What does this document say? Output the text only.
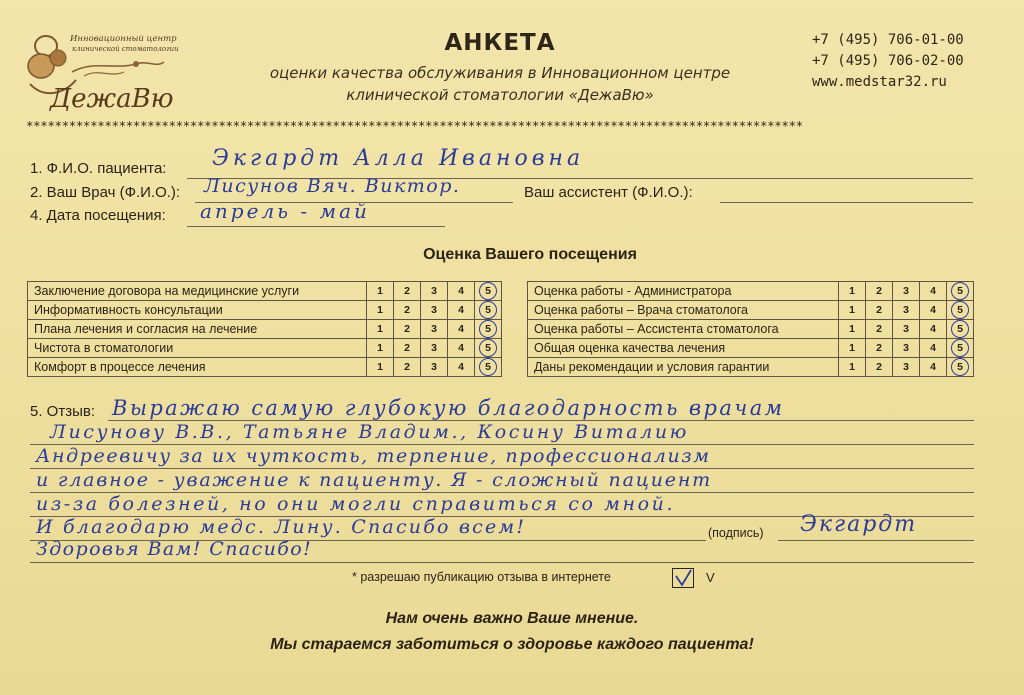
Инновационный центр
клинической стоматологии
ДежаВю
АНКЕТА
оценки качества обслуживания в Инновационном центре
клинической стоматологии «ДежаВю»
+7 (495) 706-01-00
+7 (495) 706-02-00
www.medstar32.ru
*************************************************************************************************************
1. Ф.И.О. пациента: Экгардт Алла Ивановна
2. Ваш Врач (Ф.И.О.): Лисунов Вяч. Виктор.	Ваш ассистент (Ф.И.О.):
4. Дата посещения: апрель - май
Оценка Вашего посещения
Заключение договора на медицинские услуги	1	2	3	4	5
Информативность консультации	1	2	3	4	5
Плана лечения и согласия на лечение	1	2	3	4	5
Чистота в стоматологии	1	2	3	4	5
Комфорт в процессе лечения	1	2	3	4	5
Оценка работы - Администратора	1	2	3	4	5
Оценка работы – Врача стоматолога	1	2	3	4	5
Оценка работы – Ассистента стоматолога	1	2	3	4	5
Общая оценка качества лечения	1	2	3	4	5
Даны рекомендации и условия гарантии	1	2	3	4	5
5. Отзыв: Выражаю самую глубокую благодарность врачам
Лисунову В.В., Татьяне Владим., Косину Виталию
Андреевичу за их чуткость, терпение, профессионализм
и главное - уважение к пациенту. Я - сложный пациент
из-за болезней, но они могли справиться со мной.
И благодарю медс. Лину. Спасибо всем!
Здоровья Вам! Спасибо!
(подпись) Экгардт
* разрешаю публикацию отзыва в интернете	V
Нам очень важно Ваше мнение.
Мы стараемся заботиться о здоровье каждого пациента!
